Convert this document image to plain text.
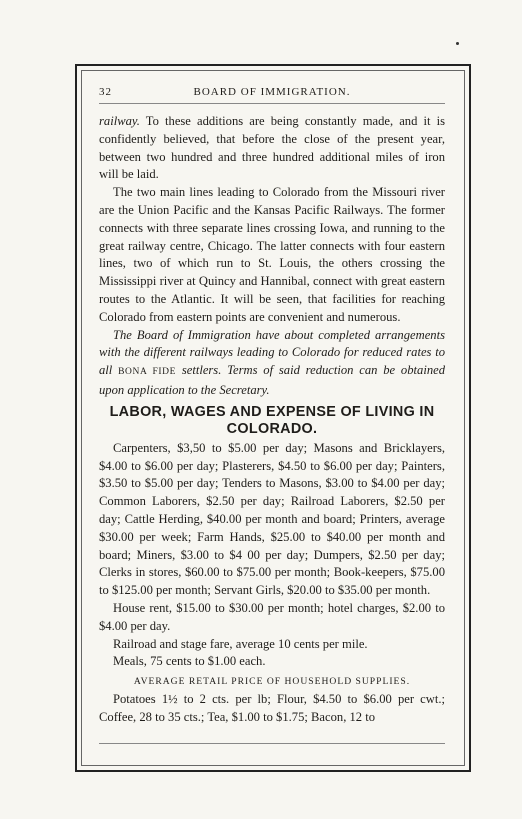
32	BOARD OF IMMIGRATION.

railway. To these additions are being constantly made, and it is confidently believed, that before the close of the present year, between two hundred and three hundred additional miles of iron will be laid.

The two main lines leading to Colorado from the Missouri river are the Union Pacific and the Kansas Pacific Railways. The former connects with three separate lines crossing Iowa, and running to the great railway centre, Chicago. The latter connects with four eastern lines, two of which run to St. Louis, the others crossing the Mississippi river at Quincy and Hannibal, connect with great eastern routes to the Atlantic. It will be seen, that facilities for reaching Colorado from eastern points are convenient and numerous.

The Board of Immigration have about completed arrangements with the different railways leading to Colorado for reduced rates to all BONA FIDE settlers. Terms of said reduction can be obtained upon application to the Secretary.

LABOR, WAGES AND EXPENSE OF LIVING IN COLORADO.

Carpenters, $3,50 to $5.00 per day; Masons and Bricklayers, $4.00 to $6.00 per day; Plasterers, $4.50 to $6.00 per day; Painters, $3.50 to $5.00 per day; Tenders to Masons, $3.00 to $4.00 per day; Common Laborers, $2.50 per day; Railroad Laborers, $2.50 per day; Cattle Herding, $40.00 per month and board; Printers, average $30.00 per week; Farm Hands, $25.00 to $40.00 per month and board; Miners, $3.00 to $4 00 per day; Dumpers, $2.50 per day; Clerks in stores, $60.00 to $75.00 per month; Book-keepers, $75.00 to $125.00 per month; Servant Girls, $20.00 to $35.00 per month.

House rent, $15.00 to $30.00 per month; hotel charges, $2.00 to $4.00 per day.

Railroad and stage fare, average 10 cents per mile.

Meals, 75 cents to $1.00 each.

AVERAGE RETAIL PRICE OF HOUSEHOLD SUPPLIES.

Potatoes 1½ to 2 cts. per lb; Flour, $4.50 to $6.00 per cwt.; Coffee, 28 to 35 cts.; Tea, $1.00 to $1.75; Bacon, 12 to
